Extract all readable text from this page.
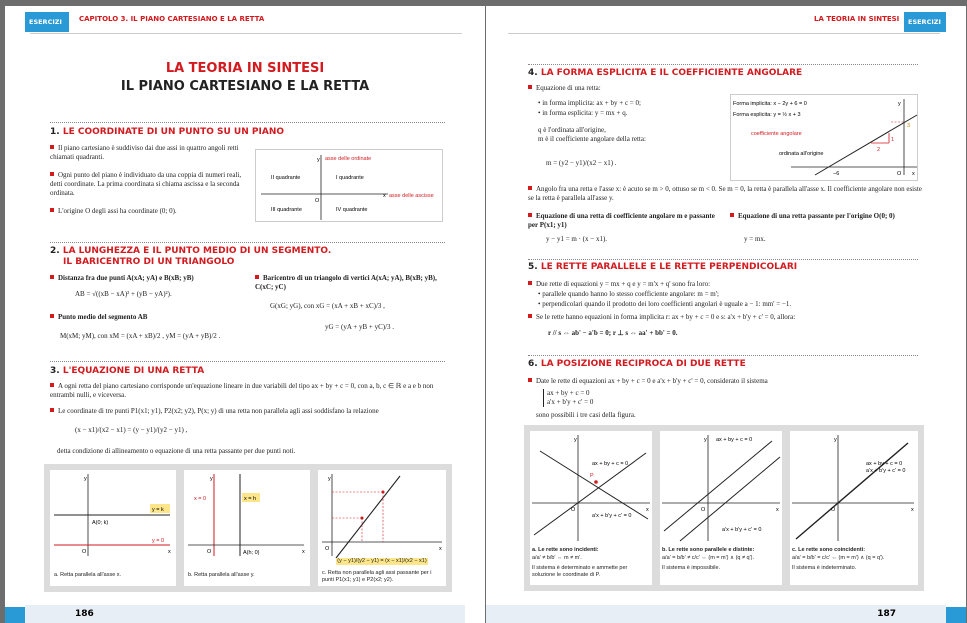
ESERCIZI	CAPITOLO 3. IL PIANO CARTESIANO E LA RETTA
LA TEORIA IN SINTESI
IL PIANO CARTESIANO E LA RETTA
1. LE COORDINATE DI UN PUNTO SU UN PIANO
Il piano cartesiano è suddiviso dai due assi in quattro angoli retti chiamati quadranti.
Ogni punto del piano è individuato da una coppia di numeri reali, detti coordinate. La prima coordinata si chiama ascissa e la seconda ordinata.
L'origine O degli assi ha coordinate (0; 0).
y asse delle ordinate
II quadrante	I quadrante
III quadrante	IV quadrante
O
x asse delle ascisse
2. LA LUNGHEZZA E IL PUNTO MEDIO DI UN SEGMENTO.
IL BARICENTRO DI UN TRIANGOLO
Distanza fra due punti A(xA; yA) e B(xB; yB)
AB = √((xB − xA)² + (yB − yA)²).
Punto medio del segmento AB
M(xM; yM), con xM = (xA + xB)/2 , yM = (yA + yB)/2 .
Baricentro di un triangolo di vertici A(xA; yA), B(xB; yB), C(xC; yC)
G(xG; yG), con xG = (xA + xB + xC)/3 ,
yG = (yA + yB + yC)/3 .
3. L'EQUAZIONE DI UNA RETTA
A ogni retta del piano cartesiano corrisponde un'equazione lineare in due variabili del tipo ax + by + c = 0, con a, b, c ∈ ℝ e a e b non entrambi nulli, e viceversa.
Le coordinate di tre punti P1(x1; y1), P2(x2; y2), P(x; y) di una retta non parallela agli assi soddisfano la relazione
(x − x1)/(x2 − x1) = (y − y1)/(y2 − y1) ,
detta condizione di allineamento o equazione di una retta passante per due punti noti.
y = k
y = 0
A(0; k)
y
O	x
a. Retta parallela all'asse x.
x = h
x = 0
A(h; 0)
y
O	x
b. Retta parallela all'asse y.
y
O	x
(y − y1)/(y2 − y1) = (x − x1)/(x2 − x1)
c. Retta non parallela agli assi passante per i punti P1(x1; y1) e P2(x2; y2).
186
LA TEORIA IN SINTESI	ESERCIZI
4. LA FORMA ESPLICITA E IL COEFFICIENTE ANGOLARE
Equazione di una retta:
• in forma implicita: ax + by + c = 0;
• in forma esplicita: y = mx + q.
q è l'ordinata all'origine,
m è il coefficiente angolare della retta:
m = (y2 − y1)/(x2 − x1) .
Forma implicita: x − 2y + 6 = 0
Forma esplicita: y = ½ x + 3
coefficiente angolare
ordinata all'origine
3
1
2
−6
y
O x
Angolo fra una retta e l'asse x: è acuto se m > 0, ottuso se m < 0. Se m = 0, la retta è parallela all'asse x. Il coefficiente angolare non esiste se la retta è parallela all'asse y.
Equazione di una retta di coefficiente angolare m e passante per P(x1; y1)
y − y1 = m · (x − x1).
Equazione di una retta passante per l'origine O(0; 0)
y = mx.
5. LE RETTE PARALLELE E LE RETTE PERPENDICOLARI
Due rette di equazioni y = mx + q e y = m'x + q' sono fra loro:
• parallele quando hanno lo stesso coefficiente angolare: m = m';
• perpendicolari quando il prodotto dei loro coefficienti angolari è uguale a − 1: mm' = −1.
Se le rette hanno equazioni in forma implicita r: ax + by + c = 0 e s: a'x + b'y + c' = 0, allora:
r // s ⇔ ab' − a'b = 0; r ⊥ s ⇔ aa' + bb' = 0.
6. LA POSIZIONE RECIPROCA DI DUE RETTE
Date le rette di equazioni ax + by + c = 0 e a'x + b'y + c' = 0, considerato il sistema
ax + by + c = 0
a'x + b'y + c' = 0
sono possibili i tre casi della figura.
P
ax + by + c = 0
a'x + b'y + c' = 0
y
O	x
a. Le rette sono incidenti:
a/a' ≠ b/b' ⇔ m ≠ m'.
Il sistema è determinato e ammette per soluzione le coordinate di P.
ax + by + c = 0
a'x + b'y + c' = 0
y
O	x
b. Le rette sono parallele e distinte:
a/a' = b/b' ≠ c/c' ⇔ (m = m') ∧ (q ≠ q').
Il sistema è impossibile.
ax + by + c = 0
a'x + b'y + c' = 0
y
O	x
c. Le rette sono coincidenti:
a/a' = b/b' = c/c' ⇔ (m = m') ∧ (q = q').
Il sistema è indeterminato.
187
